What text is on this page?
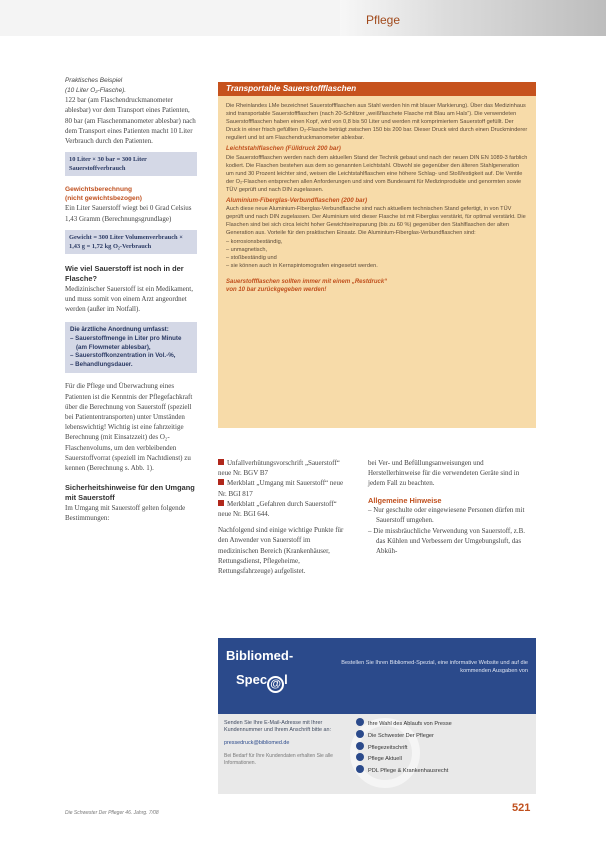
Pflege

Praktisches Beispiel

(10 Liter O₂-Flasche).

122 bar (am Flaschendruckmanometer ablesbar) vor dem Transport eines Patienten, 80 bar (am Flaschenmanometer ablesbar) nach dem Transport eines Patienten macht 10 Liter Verbrauch durch den Patienten.

10 Liter × 30 bar = 300 Liter Sauerstoffverbrauch

Gewichtsberechnung

(nicht gewichtsbezogen)

Ein Liter Sauerstoff wiegt bei 0 Grad Celsius 1,43 Gramm (Berechnungsgrundlage)

Gewicht = 300 Liter Volumenverbrauch × 1,43 g = 1,72 kg O₂-Verbrauch

Wie viel Sauerstoff ist noch in der Flasche?

Medizinischer Sauerstoff ist ein Medikament, und muss somit von einem Arzt angeordnet werden (außer im Notfall).

Die ärztliche Anordnung umfasst:

– Sauerstoffmenge in Liter pro Minute (am Flowmeter ablesbar),
– Sauerstoffkonzentration in Vol.-%,
– Behandlungsdauer.

Für die Pflege und Überwachung eines Patienten ist die Kenntnis der Pflegefachkraft über die Berechnung von Sauerstoff (speziell bei Patiententransporten) unter Umständen lebenswichtig! Wichtig ist eine fahrzeitige Berechnung (mit Einsatzzeit) des O₂-Flaschenvolums, um den verbleibenden Sauerstoffvorrat (speziell im Nachtdienst) zu kennen (Berechnung s. Abb. 1).

Sicherheitshinweise für den Umgang mit Sauerstoff

Im Umgang mit Sauerstoff gelten folgende Bestimmungen:

Transportable Sauerstoffflaschen

Die Rheinlandes LMe bezeichnet Sauerstoffflaschen aus Stahl werden hin mit blauer Markierung). Über das Medizinhaus sind transportable Sauerstoffflaschen (nach 20-Schlitzer „weißflaschete Flasche mit Blau am Hals“). Die verwendeten Sauerstoffflaschen haben einen Kopf, wird von 0,8 bis 50 Liter und werden mit komprimiertem Sauerstoff gefüllt. Der Druck in einer frisch gefüllten O₂-Flasche beträgt zwischen 150 bis 200 bar. Dieser Druck wird durch einen Druckminderer reguliert und ist am Flaschendruckmanometer ablesbar.

Leichtstahlflaschen (Fülldruck 200 bar)

Die Sauerstoffflaschen werden nach dem aktuellen Stand der Technik gebaut und nach der neuen DIN EN 1089-3 farblich kodiert. Die Flaschen bestehen aus dem so genannten Leichtstahl. Obwohl sie gegenüber den älteren Stahlgeneration um rund 30 Prozent leichter sind, weisen die Leichtstahlflaschen eine höhere Schlag- und Stoßfestigkeit auf. Die Ventile der O₂-Flaschen entsprechen allen Anforderungen und sind vom Bundesamt für Medizinprodukte und genormten sowie TÜV geprüft und nach DIN zugelassen.

Aluminium-Fiberglas-Verbundflaschen (200 bar)

Auch diese neue Aluminium-Fiberglas-Verbundflasche sind nach aktuellem technischen Stand gefertigt, in von TÜV geprüft und nach DIN zugelassen. Der Aluminium wird dieser Flasche ist mit Fiberglas verstärkt, für optimal verstärkt. Die Flaschen sind bei sich circa leicht hoher Gewichtseinsparung (bis zu 60 %) gegenüber den Stahlflaschen der alten Generation aus. Vorteile für den praktischen Einsatz. Die Aluminium-Fiberglas-Verbundflaschen sind:

– korrosionsbeständig,
– unmagnetisch,
– stoßbeständig und
– sie können auch in Kernspintomografen eingesetzt werden.

Sauerstoffflaschen sollten immer mit einem „Restdruck“
von 10 bar zurückgegeben werden!

Unfallverhütungsvorschrift „Sauerstoff“ neue Nr. BGV B7

Merkblatt „Umgang mit Sauerstoff“ neue Nr. BGI 817

Merkblatt „Gefahren durch Sauerstoff“ neue Nr. BGI 644.

Nachfolgend sind einige wichtige Punkte für den Anwender von Sauerstoff im medizinischen Bereich (Krankenhäuser, Rettungsdienst, Pflegeheime, Rettungsfahrzeuge) aufgelistet.

bei Ver- und Befüllungsanweisungen und Herstellerhinweise für die verwendeten Geräte sind in jedem Fall zu beachten.

Allgemeine Hinweise

– Nur geschulte oder eingewiesene Personen dürfen mit Sauerstoff umgehen.
– Die missbräuchliche Verwendung von Sauerstoff, z.B. das Kühlen und Verbessern der Umgebungsluft, das Abküh-
Bibliomed-
Spec @ l
Bestellen Sie Ihren Bibliomed-Spezial, eine informative Website und auf die kommenden Ausgaben von

Senden Sie Ihre E-Mail-Adresse mit Ihrer Kundennummer und Ihrem Anschrift bitte an:

pressedruck@bibliomed.de

Bei Bedarf für Ihre Kundendaten erhalten Sie alle Informationen.

Ihre Wahl des Ablaufs von Presse
Die Schwester Der Pfleger
Pflegezeitschrift
Pflege Aktuell
PDL Pflege & Krankenhausrecht
Die Schwester Der Pfleger 46. Jahrg. 7/08	521
